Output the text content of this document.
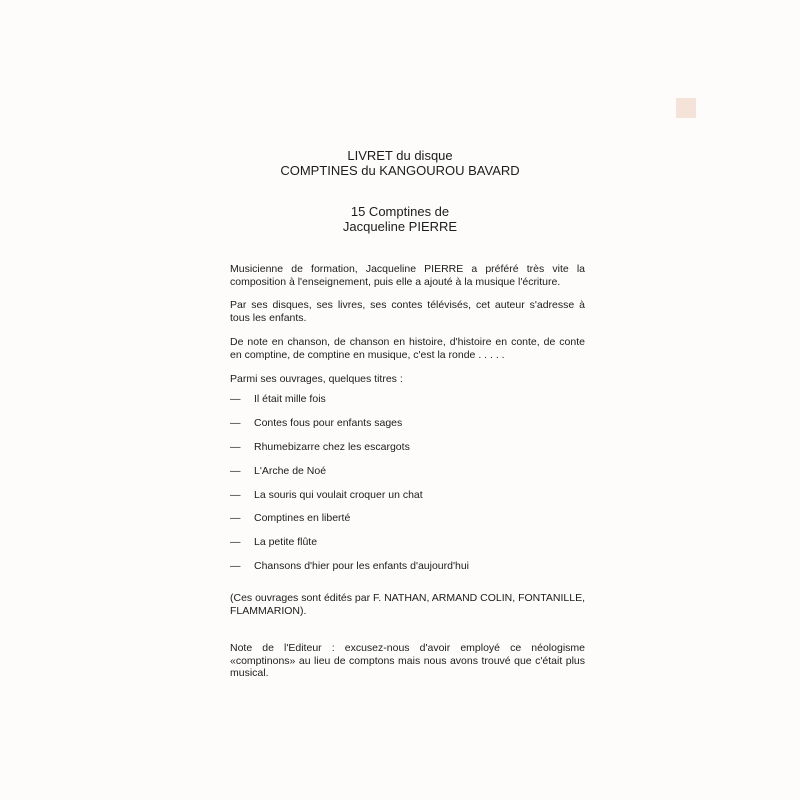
LIVRET du disque
COMPTINES du KANGOUROU BAVARD
15 Comptines de
Jacqueline PIERRE
Musicienne de formation, Jacqueline PIERRE a préféré très vite la composition à l'enseignement, puis elle a ajouté à la musique l'écriture.
Par ses disques, ses livres, ses contes télévisés, cet auteur s'adresse à tous les enfants.
De note en chanson, de chanson en histoire, d'histoire en conte, de conte en comptine, de comptine en musique, c'est la ronde . . . . .
Parmi ses ouvrages, quelques titres :
— Il était mille fois
— Contes fous pour enfants sages
— Rhumebizarre chez les escargots
— L'Arche de Noé
— La souris qui voulait croquer un chat
— Comptines en liberté
— La petite flûte
— Chansons d'hier pour les enfants d'aujourd'hui
(Ces ouvrages sont édités par F. NATHAN, ARMAND COLIN, FONTANILLE, FLAMMARION).
Note de l'Editeur : excusez-nous d'avoir employé ce néologisme «comptinons» au lieu de comptons mais nous avons trouvé que c'était plus musical.
